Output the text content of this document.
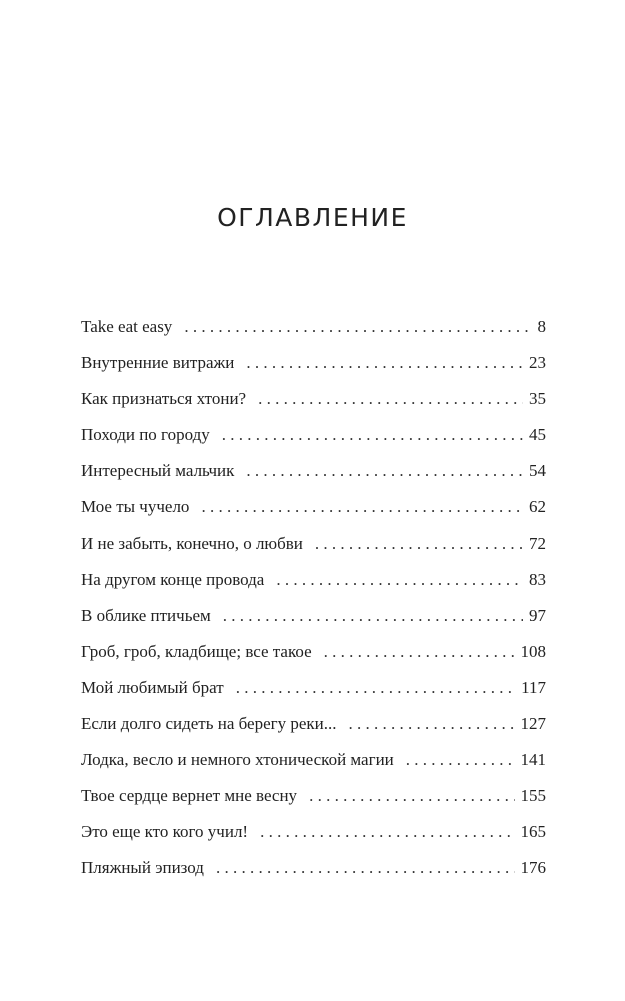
ОГЛАВЛЕНИЕ
Take eat easy . . .	8
Внутренние витражи . . .	23
Как признаться хтони? . . .	35
Походи по городу . . .	45
Интересный мальчик . . .	54
Мое ты чучело . . .	62
И не забыть, конечно, о любви . . .	72
На другом конце провода . . .	83
В облике птичьем . . .	97
Гроб, гроб, кладбище; все такое . . .	108
Мой любимый брат . . .	117
Если долго сидеть на берегу реки... . . .	127
Лодка, весло и немного хтонической магии . . .	141
Твое сердце вернет мне весну . . .	155
Это еще кто кого учил! . . .	165
Пляжный эпизод . . .	176
